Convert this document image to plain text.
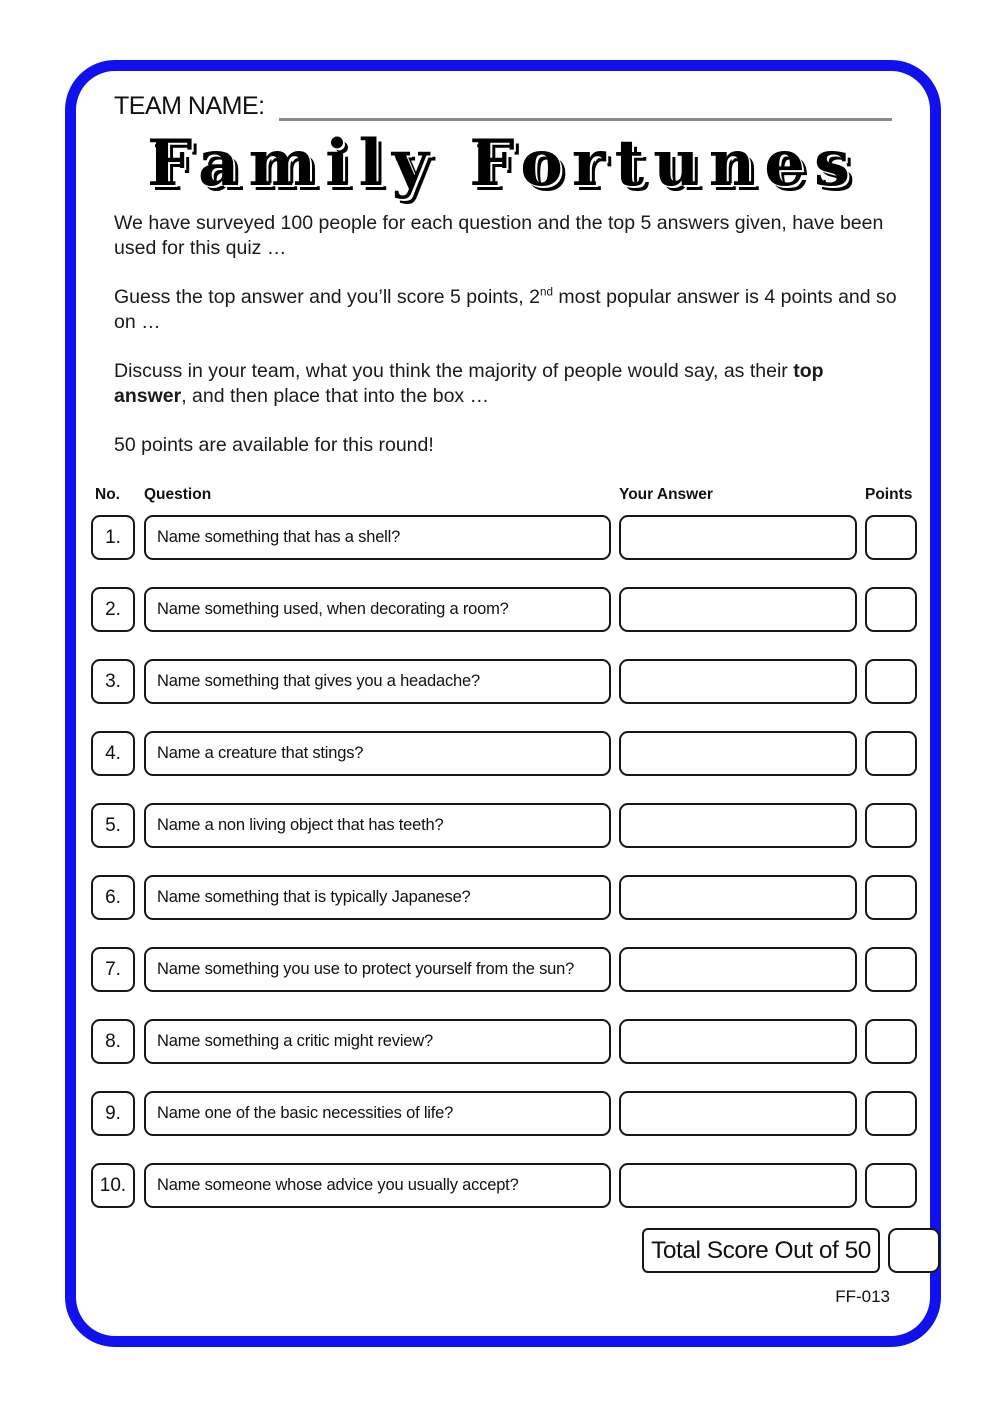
TEAM NAME:
Family Fortunes

We have surveyed 100 people for each question and the top 5 answers given, have been used for this quiz …

Guess the top answer and you’ll score 5 points, 2nd most popular answer is 4 points and so on …

Discuss in your team, what you think the majority of people would say, as their top answer, and then place that into the box …

50 points are available for this round!

No.	Question	Your Answer	Points
1.	Name something that has a shell?
2.	Name something used, when decorating a room?
3.	Name something that gives you a headache?
4.	Name a creature that stings?
5.	Name a non living object that has teeth?
6.	Name something that is typically Japanese?
7.	Name something you use to protect yourself from the sun?
8.	Name something a critic might review?
9.	Name one of the basic necessities of life?
10.	Name someone whose advice you usually accept?
Total Score Out of 50
FF-013
